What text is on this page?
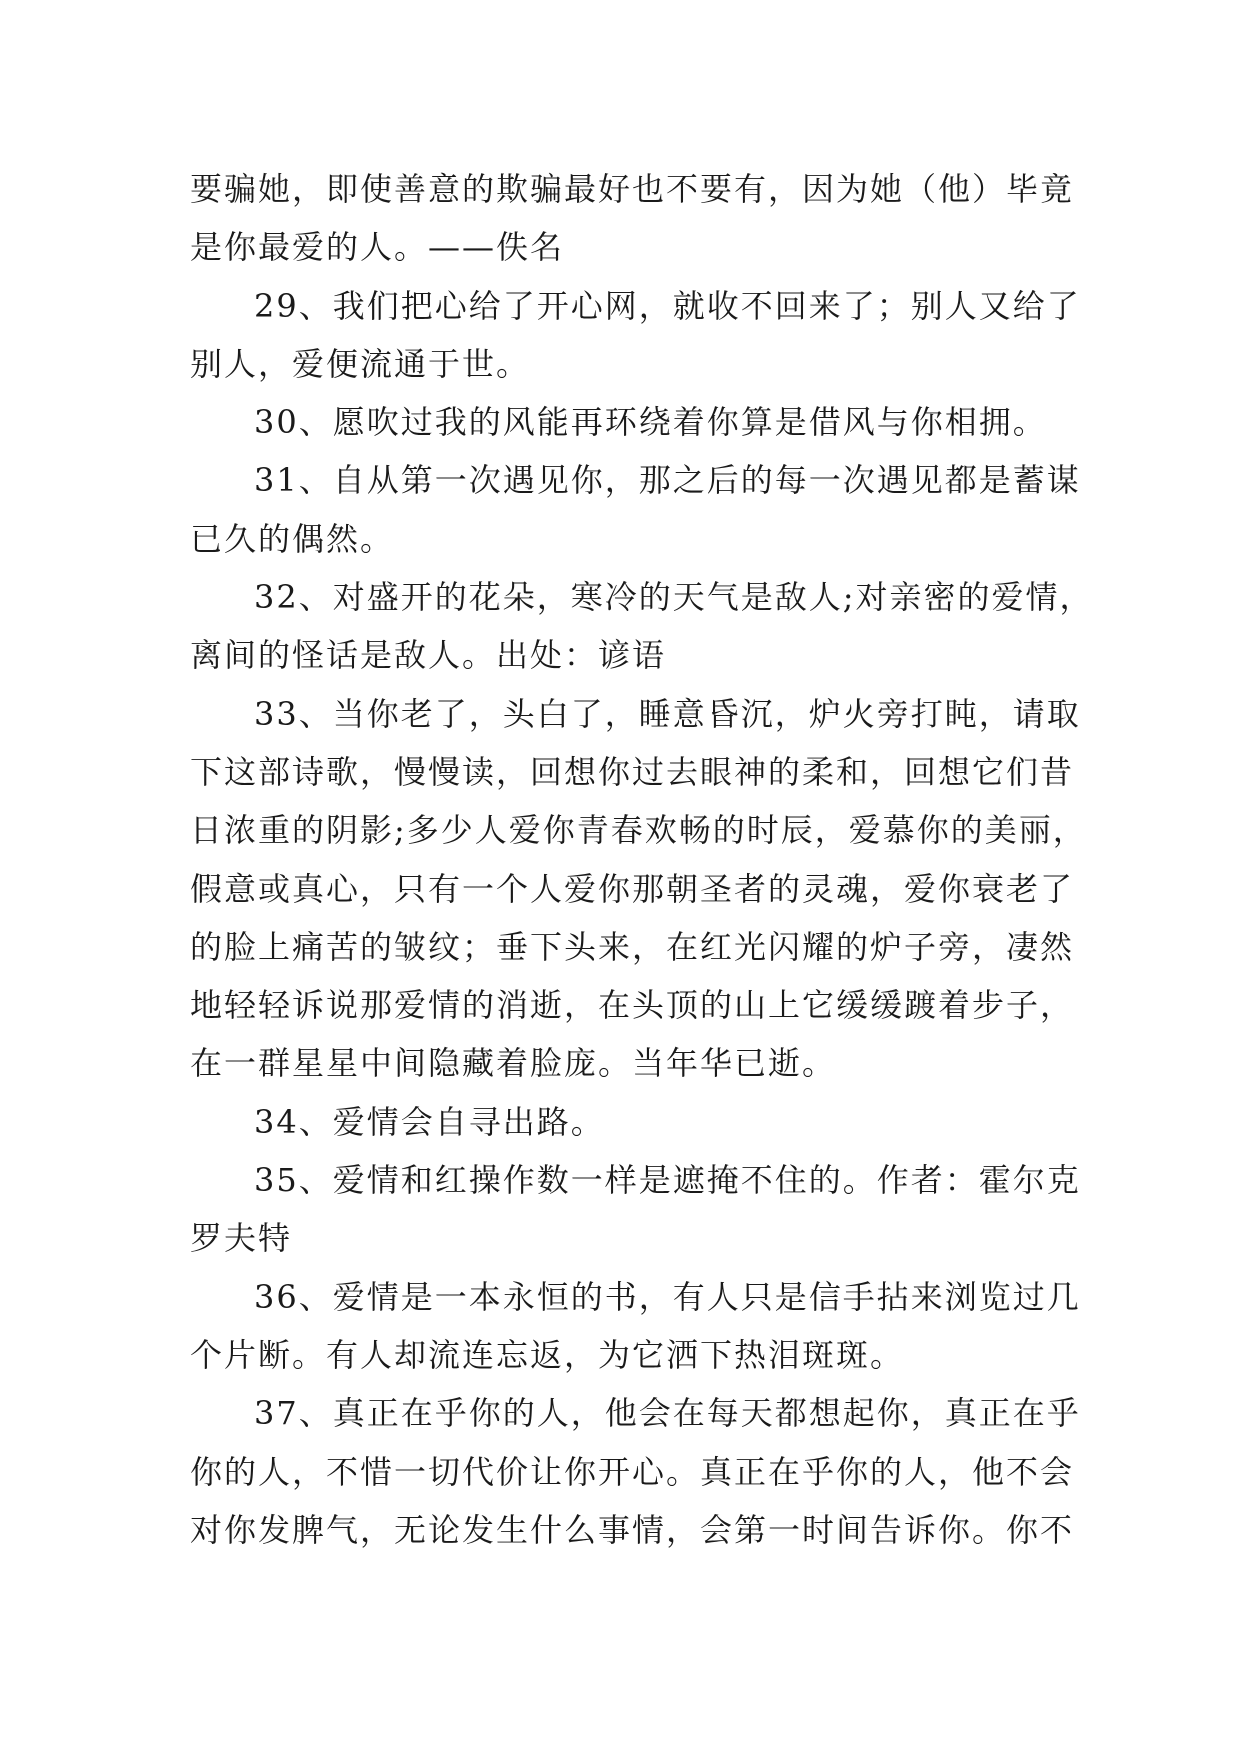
要骗她，即使善意的欺骗最好也不要有，因为她（他）毕竟
是你最爱的人。——佚名
29、我们把心给了开心网，就收不回来了；别人又给了
别人，爱便流通于世。
30、愿吹过我的风能再环绕着你算是借风与你相拥。
31、自从第一次遇见你，那之后的每一次遇见都是蓄谋
已久的偶然。
32、对盛开的花朵，寒冷的天气是敌人;对亲密的爱情，
离间的怪话是敌人。出处：谚语
33、当你老了，头白了，睡意昏沉，炉火旁打盹，请取
下这部诗歌，慢慢读，回想你过去眼神的柔和，回想它们昔
日浓重的阴影;多少人爱你青春欢畅的时辰，爱慕你的美丽，
假意或真心，只有一个人爱你那朝圣者的灵魂，爱你衰老了
的脸上痛苦的皱纹；垂下头来，在红光闪耀的炉子旁，凄然
地轻轻诉说那爱情的消逝，在头顶的山上它缓缓踱着步子，
在一群星星中间隐藏着脸庞。当年华已逝。
34、爱情会自寻出路。
35、爱情和红操作数一样是遮掩不住的。作者：霍尔克
罗夫特
36、爱情是一本永恒的书，有人只是信手拈来浏览过几
个片断。有人却流连忘返，为它洒下热泪斑斑。
37、真正在乎你的人，他会在每天都想起你，真正在乎
你的人，不惜一切代价让你开心。真正在乎你的人，他不会
对你发脾气，无论发生什么事情，会第一时间告诉你。你不
